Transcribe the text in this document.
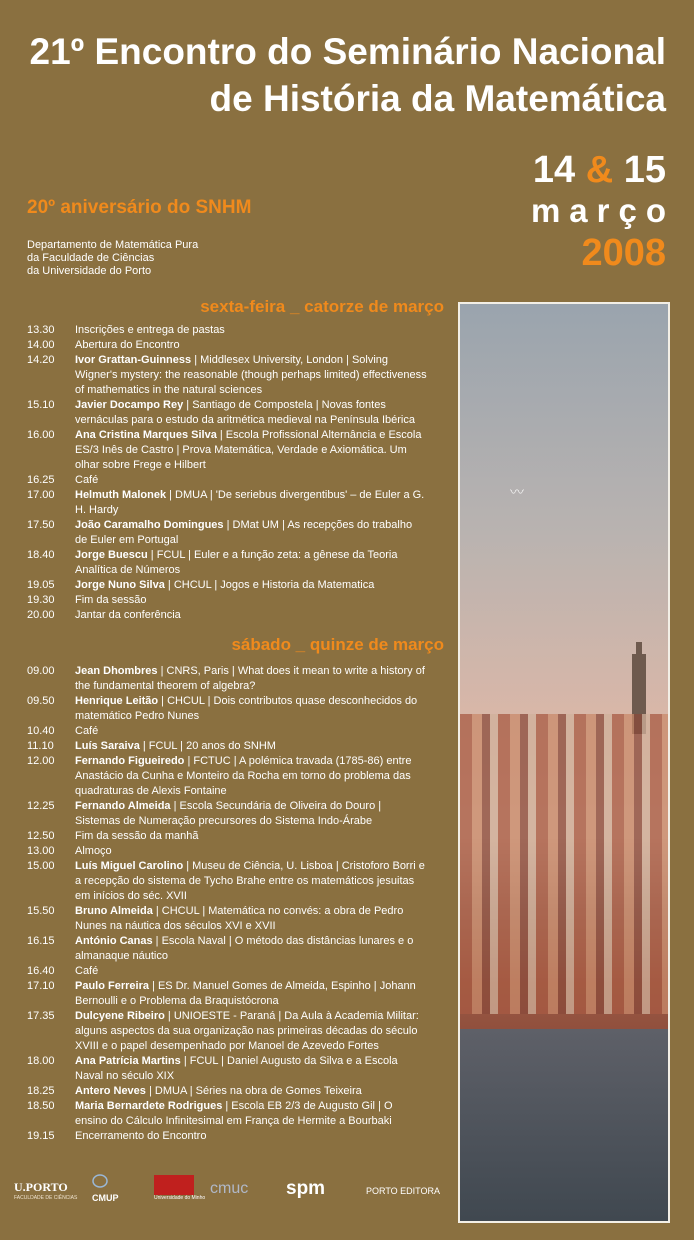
21º Encontro do Seminário Nacional
de História da Matemática
14 & 15
março
2008
20º aniversário do SNHM
Departamento de Matemática Pura
da Faculdade de Ciências
da Universidade do Porto
sexta-feira _ catorze de março
13.30	Inscrições e entrega de pastas
14.00	Abertura do Encontro
14.20	Ivor Grattan-Guinness | Middlesex University, London | Solving Wigner's mystery: the reasonable (though perhaps limited) effectiveness of mathematics in the natural sciences
15.10	Javier Docampo Rey | Santiago de Compostela | Novas fontes vernáculas para o estudo da aritmética medieval na Península Ibérica
16.00	Ana Cristina Marques Silva | Escola Profissional Alternância e Escola ES/3 Inês de Castro | Prova Matemática, Verdade e Axiomática. Um olhar sobre Frege e Hilbert
16.25	Café
17.00	Helmuth Malonek | DMUA | 'De seriebus divergentibus' – de Euler a G. H. Hardy
17.50	João Caramalho Domingues | DMat UM | As recepções do trabalho de Euler em Portugal
18.40	Jorge Buescu | FCUL | Euler e a função zeta: a gênese da Teoria Analítica de Números
19.05	Jorge Nuno Silva | CHCUL | Jogos e Historia da Matematica
19.30	Fim da sessão
20.00	Jantar da conferência
sábado _ quinze de março
09.00	Jean Dhombres | CNRS, Paris | What does it mean to write a history of the fundamental theorem of algebra?
09.50	Henrique Leitão | CHCUL | Dois contributos quase desconhecidos do matemático Pedro Nunes
10.40	Café
11.10	Luís Saraiva | FCUL | 20 anos do SNHM
12.00	Fernando Figueiredo | FCTUC | A polémica travada (1785-86) entre Anastácio da Cunha e Monteiro da Rocha em torno do problema das quadraturas de Alexis Fontaine
12.25	Fernando Almeida | Escola Secundária de Oliveira do Douro | Sistemas de Numeração precursores do Sistema Indo-Árabe
12.50	Fim da sessão da manhã
13.00	Almoço
15.00	Luís Miguel Carolino | Museu de Ciência, U. Lisboa | Cristoforo Borri e a recepção do sistema de Tycho Brahe entre os matemáticos jesuitas em inícios do séc. XVII
15.50	Bruno Almeida | CHCUL | Matemática no convés: a obra de Pedro Nunes na náutica dos séculos XVI e XVII
16.15	António Canas | Escola Naval | O método das distâncias lunares e o almanaque náutico
16.40	Café
17.10	Paulo Ferreira | ES Dr. Manuel Gomes de Almeida, Espinho | Johann Bernoulli e o Problema da Braquistócrona
17.35	Dulcyene Ribeiro | UNIOESTE - Paraná | Da Aula à Academia Militar: alguns aspectos da sua organização nas primeiras décadas do século XVIII e o papel desempenhado por Manoel de Azevedo Fortes
18.00	Ana Patrícia Martins | FCUL | Daniel Augusto da Silva e a Escola Naval no século XIX
18.25	Antero Neves | DMUA | Séries na obra de Gomes Teixeira
18.50	Maria Bernardete Rodrigues | Escola EB 2/3 de Augusto Gil | O ensino do Cálculo Infinitesimal em França de Hermite a Bourbaki
19.15	Encerramento do Encontro
〰
U.PORTO
FACULDADE DE CIÊNCIAS CMUP	Universidade do Minho
cmuc spm	PORTO EDITORA
